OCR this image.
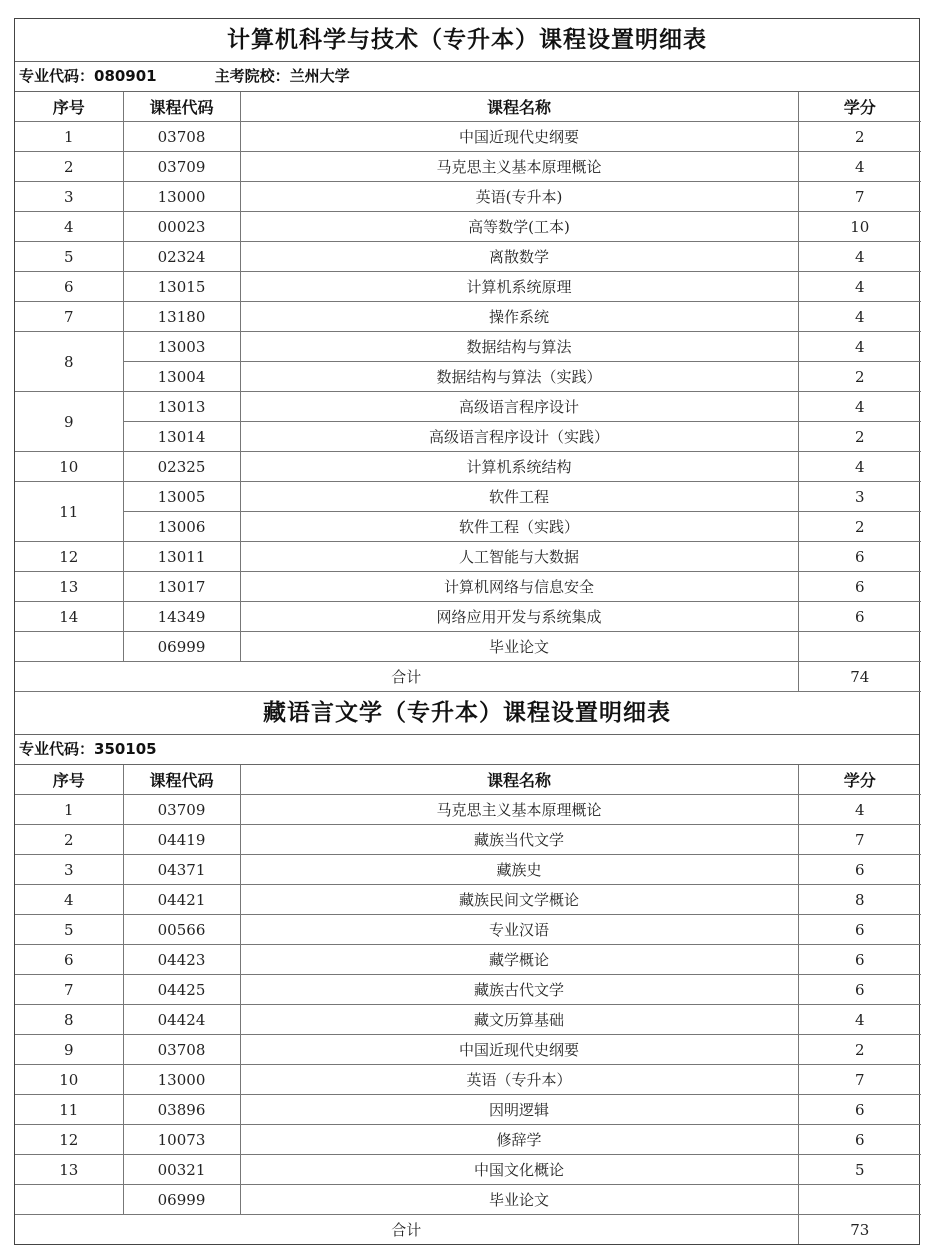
计算机科学与技术（专升本）课程设置明细表
专业代码：080901	主考院校：兰州大学
序号	课程代码	课程名称	学分
1	03708	中国近现代史纲要	2
2	03709	马克思主义基本原理概论	4
3	13000	英语(专升本)	7
4	00023	高等数学(工本)	10
5	02324	离散数学	4
6	13015	计算机系统原理	4
7	13180	操作系统	4
8	13003	数据结构与算法	4
	13004	数据结构与算法（实践）	2
9	13013	高级语言程序设计	4
	13014	高级语言程序设计（实践）	2
10	02325	计算机系统结构	4
11	13005	软件工程	3
	13006	软件工程（实践）	2
12	13011	人工智能与大数据	6
13	13017	计算机网络与信息安全	6
14	14349	网络应用开发与系统集成	6
	06999	毕业论文	
合计			74
藏语言文学（专升本）课程设置明细表
专业代码：350105
序号	课程代码	课程名称	学分
1	03709	马克思主义基本原理概论	4
2	04419	藏族当代文学	7
3	04371	藏族史	6
4	04421	藏族民间文学概论	8
5	00566	专业汉语	6
6	04423	藏学概论	6
7	04425	藏族古代文学	6
8	04424	藏文历算基础	4
9	03708	中国近现代史纲要	2
10	13000	英语（专升本）	7
11	03896	因明逻辑	6
12	10073	修辞学	6
13	00321	中国文化概论	5
	06999	毕业论文	
合计			73
